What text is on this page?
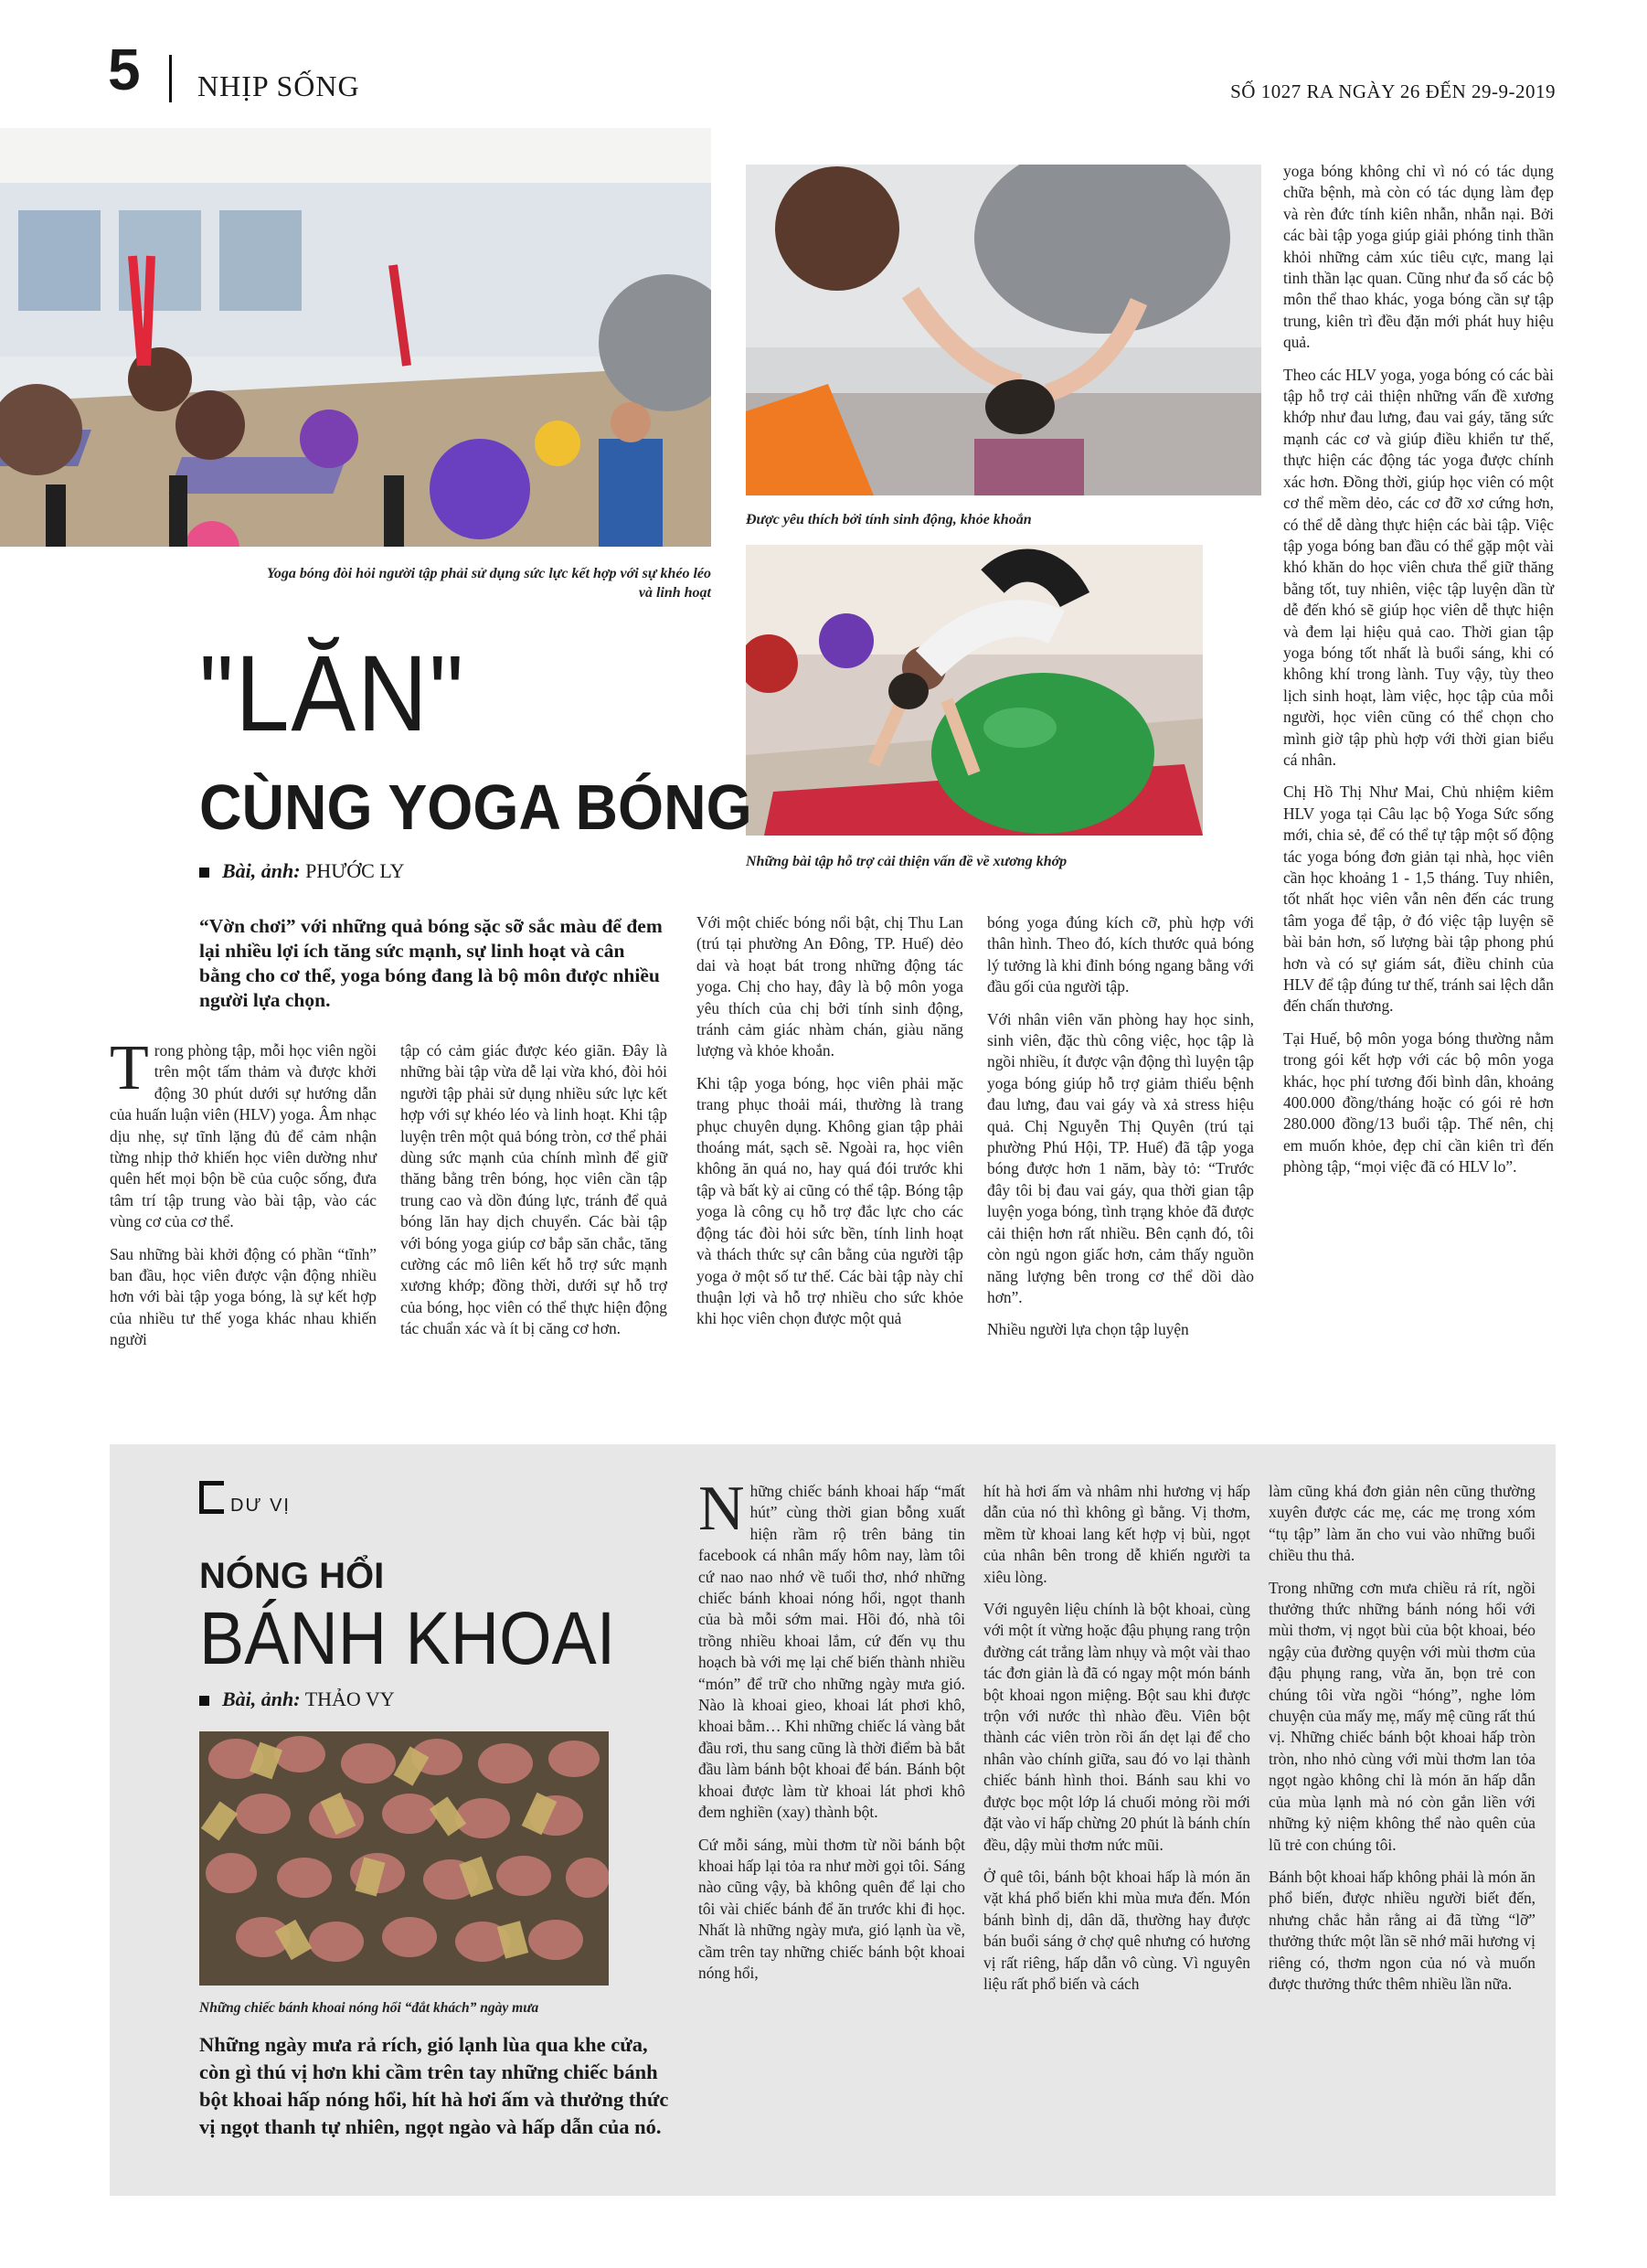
5 NHỊP SỐNG	SỐ 1027 RA NGÀY 26 ĐẾN 29-9-2019
Yoga bóng đòi hỏi người tập phải sử dụng sức lực kết hợp với sự khéo léo và linh hoạt
Được yêu thích bởi tính sinh động, khỏe khoắn
Những bài tập hỗ trợ cải thiện vấn đề về xương khớp
"LĂN"
CÙNG YOGA BÓNG
Bài, ảnh: PHƯỚC LY
“Vờn chơi” với những quả bóng sặc sỡ sắc màu để đem lại nhiều lợi ích tăng sức mạnh, sự linh hoạt và cân bằng cho cơ thể, yoga bóng đang là bộ môn được nhiều người lựa chọn.

Trong phòng tập, mỗi học viên ngồi trên một tấm thảm và được khởi động 30 phút dưới sự hướng dẫn của huấn luận viên (HLV) yoga. Âm nhạc dịu nhẹ, sự tĩnh lặng đủ để cảm nhận từng nhịp thở khiến học viên dường như quên hết mọi bộn bề của cuộc sống, đưa tâm trí tập trung vào bài tập, vào các vùng cơ của cơ thể.

Sau những bài khởi động có phần “tĩnh” ban đầu, học viên được vận động nhiều hơn với bài tập yoga bóng, là sự kết hợp của nhiều tư thế yoga khác nhau khiến người

tập có cảm giác được kéo giãn. Đây là những bài tập vừa dễ lại vừa khó, đòi hỏi người tập phải sử dụng nhiều sức lực kết hợp với sự khéo léo và linh hoạt. Khi tập luyện trên một quả bóng tròn, cơ thể phải dùng sức mạnh của chính mình để giữ thăng bằng trên bóng, học viên cần tập trung cao và dồn đúng lực, tránh để quả bóng lăn hay dịch chuyển. Các bài tập với bóng yoga giúp cơ bắp săn chắc, tăng cường các mô liên kết hỗ trợ sức mạnh xương khớp; đồng thời, dưới sự hỗ trợ của bóng, học viên có thể thực hiện động tác chuẩn xác và ít bị căng cơ hơn.

Với một chiếc bóng nổi bật, chị Thu Lan (trú tại phường An Đông, TP. Huế) dẻo dai và hoạt bát trong những động tác yoga. Chị cho hay, đây là bộ môn yoga yêu thích của chị bởi tính sinh động, tránh cảm giác nhàm chán, giàu năng lượng và khỏe khoắn.

Khi tập yoga bóng, học viên phải mặc trang phục thoải mái, thường là trang phục chuyên dụng. Không gian tập phải thoáng mát, sạch sẽ. Ngoài ra, học viên không ăn quá no, hay quá đói trước khi tập và bất kỳ ai cũng có thể tập. Bóng tập yoga là công cụ hỗ trợ đắc lực cho các động tác đòi hỏi sức bền, tính linh hoạt và thách thức sự cân bằng của người tập yoga ở một số tư thế. Các bài tập này chỉ thuận lợi và hỗ trợ nhiều cho sức khỏe khi học viên chọn được một quả

bóng yoga đúng kích cỡ, phù hợp với thân hình. Theo đó, kích thước quả bóng lý tưởng là khi đỉnh bóng ngang bằng với đầu gối của người tập.

Với nhân viên văn phòng hay học sinh, sinh viên, đặc thù công việc, học tập là ngồi nhiều, ít được vận động thì luyện tập yoga bóng giúp hỗ trợ giảm thiểu bệnh đau lưng, đau vai gáy và xả stress hiệu quả. Chị Nguyễn Thị Quyên (trú tại phường Phú Hội, TP. Huế) đã tập yoga bóng được hơn 1 năm, bày tỏ: “Trước đây tôi bị đau vai gáy, qua thời gian tập luyện yoga bóng, tình trạng khỏe đã được cải thiện hơn rất nhiều. Bên cạnh đó, tôi còn ngủ ngon giấc hơn, cảm thấy nguồn năng lượng bên trong cơ thể dồi dào hơn”.

Nhiều người lựa chọn tập luyện

yoga bóng không chỉ vì nó có tác dụng chữa bệnh, mà còn có tác dụng làm đẹp và rèn đức tính kiên nhẫn, nhẫn nại. Bởi các bài tập yoga giúp giải phóng tinh thần khỏi những cảm xúc tiêu cực, mang lại tinh thần lạc quan. Cũng như đa số các bộ môn thể thao khác, yoga bóng cần sự tập trung, kiên trì đều đặn mới phát huy hiệu quả.

Theo các HLV yoga, yoga bóng có các bài tập hỗ trợ cải thiện những vấn đề xương khớp như đau lưng, đau vai gáy, tăng sức mạnh các cơ và giúp điều khiển tư thế, thực hiện các động tác yoga được chính xác hơn. Đồng thời, giúp học viên có một cơ thể mềm dẻo, các cơ đỡ xơ cứng hơn, có thể dễ dàng thực hiện các bài tập. Việc tập yoga bóng ban đầu có thể gặp một vài khó khăn do học viên chưa thể giữ thăng bằng tốt, tuy nhiên, việc tập luyện dần từ dễ đến khó sẽ giúp học viên dễ thực hiện và đem lại hiệu quả cao. Thời gian tập yoga bóng tốt nhất là buổi sáng, khi có không khí trong lành. Tuy vậy, tùy theo lịch sinh hoạt, làm việc, học tập của mỗi người, học viên cũng có thể chọn cho mình giờ tập phù hợp với thời gian biểu cá nhân.

Chị Hồ Thị Như Mai, Chủ nhiệm kiêm HLV yoga tại Câu lạc bộ Yoga Sức sống mới, chia sẻ, để có thể tự tập một số động tác yoga bóng đơn giản tại nhà, học viên cần học khoảng 1 - 1,5 tháng. Tuy nhiên, tốt nhất học viên vẫn nên đến các trung tâm yoga để tập, ở đó việc tập luyện sẽ bài bản hơn, số lượng bài tập phong phú hơn và có sự giám sát, điều chỉnh của HLV để tập đúng tư thế, tránh sai lệch dẫn đến chấn thương.

Tại Huế, bộ môn yoga bóng thường nằm trong gói kết hợp với các bộ môn yoga khác, học phí tương đối bình dân, khoảng 400.000 đồng/tháng hoặc có gói rẻ hơn 280.000 đồng/13 buổi tập. Thế nên, chị em muốn khỏe, đẹp chỉ cần kiên trì đến phòng tập, “mọi việc đã có HLV lo”.

DƯ VỊ
NÓNG HỔI
BÁNH KHOAI
Bài, ảnh: THẢO VY
Những chiếc bánh khoai nóng hổi “đắt khách” ngày mưa
Những ngày mưa rả rích, gió lạnh lùa qua khe cửa, còn gì thú vị hơn khi cầm trên tay những chiếc bánh bột khoai hấp nóng hổi, hít hà hơi ấm và thưởng thức vị ngọt thanh tự nhiên, ngọt ngào và hấp dẫn của nó.

Những chiếc bánh khoai hấp “mất hút” cùng thời gian bỗng xuất hiện rầm rộ trên bảng tin facebook cá nhân mấy hôm nay, làm tôi cứ nao nao nhớ về tuổi thơ, nhớ những chiếc bánh khoai nóng hổi, ngọt thanh của bà mỗi sớm mai. Hồi đó, nhà tôi trồng nhiều khoai lắm, cứ đến vụ thu hoạch bà với mẹ lại chế biến thành nhiều “món” để trữ cho những ngày mưa gió. Nào là khoai gieo, khoai lát phơi khô, khoai bằm… Khi những chiếc lá vàng bắt đầu rơi, thu sang cũng là thời điểm bà bắt đầu làm bánh bột khoai để bán. Bánh bột khoai được làm từ khoai lát phơi khô đem nghiền (xay) thành bột.

Cứ mỗi sáng, mùi thơm từ nồi bánh bột khoai hấp lại tỏa ra như mời gọi tôi. Sáng nào cũng vậy, bà không quên để lại cho tôi vài chiếc bánh để ăn trước khi đi học. Nhất là những ngày mưa, gió lạnh ùa về, cầm trên tay những chiếc bánh bột khoai nóng hổi,

hít hà hơi ấm và nhâm nhi hương vị hấp dẫn của nó thì không gì bằng. Vị thơm, mềm từ khoai lang kết hợp vị bùi, ngọt của nhân bên trong dễ khiến người ta xiêu lòng.

Với nguyên liệu chính là bột khoai, cùng với một ít vừng hoặc đậu phụng rang trộn đường cát trắng làm nhụy và một vài thao tác đơn giản là đã có ngay một món bánh bột khoai ngon miệng. Bột sau khi được trộn với nước thì nhào đều. Viên bột thành các viên tròn rồi ấn dẹt lại để cho nhân vào chính giữa, sau đó vo lại thành chiếc bánh hình thoi. Bánh sau khi vo được bọc một lớp lá chuối mỏng rồi mới đặt vào vỉ hấp chừng 20 phút là bánh chín đều, dậy mùi thơm nức mũi.

Ở quê tôi, bánh bột khoai hấp là món ăn vặt khá phổ biến khi mùa mưa đến. Món bánh bình dị, dân dã, thường hay được bán buổi sáng ở chợ quê nhưng có hương vị rất riêng, hấp dẫn vô cùng. Vì nguyên liệu rất phổ biến và cách

làm cũng khá đơn giản nên cũng thường xuyên được các mẹ, các mẹ trong xóm “tụ tập” làm ăn cho vui vào những buổi chiều thu thả.

Trong những cơn mưa chiều rả rít, ngồi thưởng thức những bánh nóng hổi với mùi thơm, vị ngọt bùi của bột khoai, béo ngậy của đường quyện với mùi thơm của đậu phụng rang, vừa ăn, bọn trẻ con chúng tôi vừa ngồi “hóng”, nghe lỏm chuyện của mấy mẹ, mấy mệ cũng rất thú vị. Những chiếc bánh bột khoai hấp tròn tròn, nho nhỏ cùng với mùi thơm lan tỏa ngọt ngào không chỉ là món ăn hấp dẫn của mùa lạnh mà nó còn gắn liền với những kỷ niệm không thể nào quên của lũ trẻ con chúng tôi.

Bánh bột khoai hấp không phải là món ăn phổ biến, được nhiều người biết đến, nhưng chắc hẳn rằng ai đã từng “lỡ” thưởng thức một lần sẽ nhớ mãi hương vị riêng có, thơm ngon của nó và muốn được thưởng thức thêm nhiều lần nữa.
